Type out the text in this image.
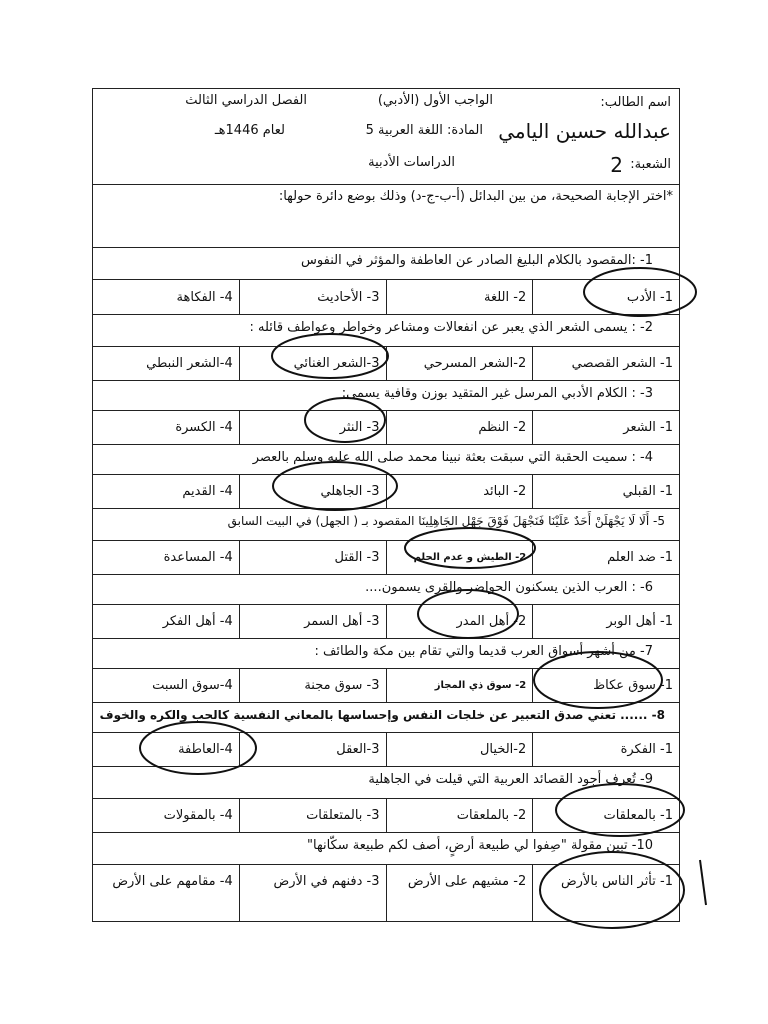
اسم الطالب:
الواجب الأول (الأدبي)
الفصل الدراسي الثالث
عبدالله حسين اليامي
المادة: اللغة العربية 5
لعام 1446هـ
الشعبة:
2
الدراسات الأدبية
*اختر الإجابة الصحيحة، من بين البدائل (أ-ب-ج-د) وذلك بوضع دائرة حولها:
1- :المقصود بالكلام البليغ الصادر عن العاطفة والمؤثر في النفوس
1- الأدب
2- اللغة
3- الأحاديث
4- الفكاهة
2- : يسمى الشعر الذي يعبر عن انفعالات ومشاعر وخواطر وعواطف قائله :
1- الشعر القصصي
2-الشعر المسرحي
3-الشعر الغنائي
4-الشعر النبطي
3- : الكلام الأدبي المرسل غير المتقيد بوزن وقافية يسمى:
1- الشعر
2- النظم
3- النثر
4- الكسرة
4- : سميت الحقبة التي سبقت بعثة نبينا محمد صلى الله عليه وسلم بالعصر
1- القبلي
2- البائد
3- الجاهلي
4- القديم
5- أَلَا لَا يَجْهَلَنْ أَحَدٌ عَلَيْنَا فَنَجْهَلَ فَوْقَ جَهْلِ الجَاهِلِينَا المقصود بـ ( الجهل) في البيت السابق
1- ضد العلم
2- الطيش و عدم الحلم
3- القتل
4- المساعدة
6- : العرب الذين يسكنون الحواضر والقرى يسمون....
1- أهل الوبر
2- أهل المدر
3- أهل السمر
4- أهل الفكر
7- من أشهر أسواق العرب قديما والتي تقام بين مكة والطائف :
1- سوق عكاظ
2- سوق ذي المجاز
3- سوق مجنة
4-سوق السبت
8- ...... تعني صدق التعبير عن خلجات النفس وإحساسها بالمعاني النفسية كالحب والكره والخوف
1- الفكرة
2-الخيال
3-العقل
4-العاطفة
9- تُعرف أجود القصائد العربية التي قيلت في الجاهلية
1- بالمعلقات
2- بالملعقات
3- بالمتعلقات
4- بالمقولات
10- تبين مقولة "صِفوا لي طبيعة أرضٍ، أصف لكم طبيعة سكّانها"
1- تأثر الناس بالأرض
2- مشيهم على الأرض
3- دفنهم في الأرض
4- مقامهم على الأرض
